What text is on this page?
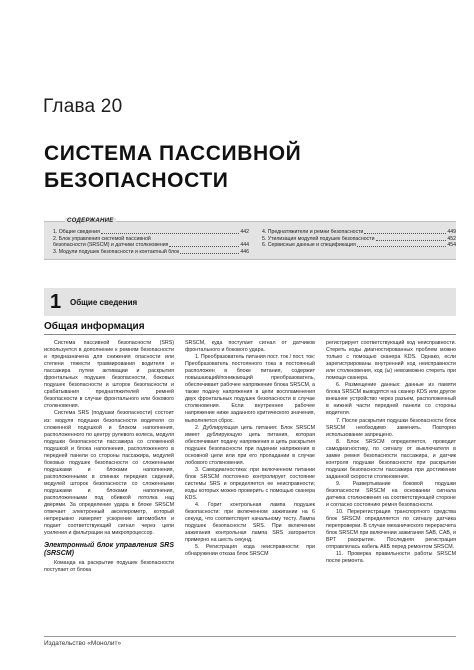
Глава 20
СИСТЕМА ПАССИВНОЙ
БЕЗОПАСНОСТИ
СОДЕРЖАНИЕ
1. Общие сведения	442
2. Блок управления системой пассивной
безопасности (SRSCM) и датчики столкновения	444
3. Модули подушек безопасности и контактный блок	446
4. Преднатяжители и ремни безопасности	449
5. Утилизация модулей подушек безопасности	452
6. Сервисные данные и спецификация	454
1 Общие сведения
Общая информация

Система пассивной безопасности (SRS) используется в дополнение к ремням безопасности и предназначена для снижения опасности или степени тяжести травмирования водителя и пассажира путем активации и раскрытия фронтальных подушек безопасности, боковых подушек безопасности и шторок безопасности и срабатывания преднатяжителей ремней безопасности в случае фронтального или бокового столкновения.

Система SRS (подушки безопасности) состоит из: модуля подушки безопасности водителя со сложенной подушкой и блоком наполнения, расположенного по центру рулевого колеса, модуля подушки безопасности пассажира со сложенной подушкой и блока наполнения, расположенного в передней панели со стороны пассажира, модулей боковых подушек безопасности со сложенными подушками и блоками наполнения, расположенными в спинках передних сидений, модулей шторок безопасности со сложенными подушками и блоками наполнения, расположенными под обивкой потолка над дверями. За определение удара в блоке SRSCM отвечает электронный акселерометр, который непрерывно измеряет ускорение автомобиля и подает соответствующий сигнал через цепи усиления и фильтрации на микропроцессор.

Электронный блок управления SRS (SRSCM)

Команда на раскрытие подушек безопасности поступает от блока

SRSCM, куда поступает сигнал от датчиков фронтального и бокового удара.

1. Преобразователь питания пост. ток / пост. ток: Преобразователь постоянного тока в постоянный расположен в блоке питания, содержит повышающий/понижающий преобразователь, обеспечивает рабочее напряжение блока SRSCM, а также подачу напряжения в цепи воспламенения двух фронтальных подушек безопасности в случае столкновения. Если внутреннее рабочее напряжение ниже заданного критического значения, выполняется сброс.

2. Дублирующая цепь питания: Блок SRSCM имеет дублирующую цепь питания, которая обеспечивает подачу напряжения в цепь раскрытия подушек безопасности при падении напряжения в основной цепи или при его пропадании в случае лобового столкновения.

3. Самодиагностика: при включенном питании блок SRSCM постоянно контролирует состояние системы SRS и определяется ее неисправности; коды которых можно проверить с помощью сканера KDS.

4. Горит контрольная лампа подушек безопасности: при включенном зажигании на 6 секунд, что соответствует начальному тесту. Лампа подушек безопасности SRS. При включении зажигания контрольная лампа SRS загорается примерно на шесть секунд.

5. Регистрация кода неисправности: при обнаружении отказа блок SRSCM

регистрирует соответствующий код неисправности. Стереть коды диагностированных проблем можно только с помощью сканера KDS. Однако, если зарегистрированы внутренний код неисправности или столкновения, код (ы) невозможно стереть при помощи сканера.

6. Размещение данных: данные из памяти блока SRSCM выводятся на сканер KDS или другое внешнее устройство через разъем, расположенный в нижней части передней панели со стороны водителя.

7. После раскрытия подушки безопасности блок SRSCM необходимо заменить. Повторно использование запрещено.

8. Блок SRSCM определяется, проводит самодиагностику, по сигналу от выключателя в замке ремня безопасности пассажира, и датчик контроля подушки безопасности при раскрытии подушки безопасности пассажира при достижении заданной скорости столкновения.

9. Развертывание боковой подушки безопасности SRSCM на основании сигнала датчика столкновения на соответствующей стороне и согласно состоянию ремня безопасности.

10. Перерегистрация транспортного средства блок SRSCM определяется по сигналу датчика перепроверки. В случае механического перерасчета блок SRSCM при включении зажигания SAB, CAB, и BPT раскрытие. Последняя регистрация отправлялась кабель АКБ перед ремонтом SRSCM.

11. Проверка правильности работы SRSCM после ремонта.

Издательство «Монолит»
